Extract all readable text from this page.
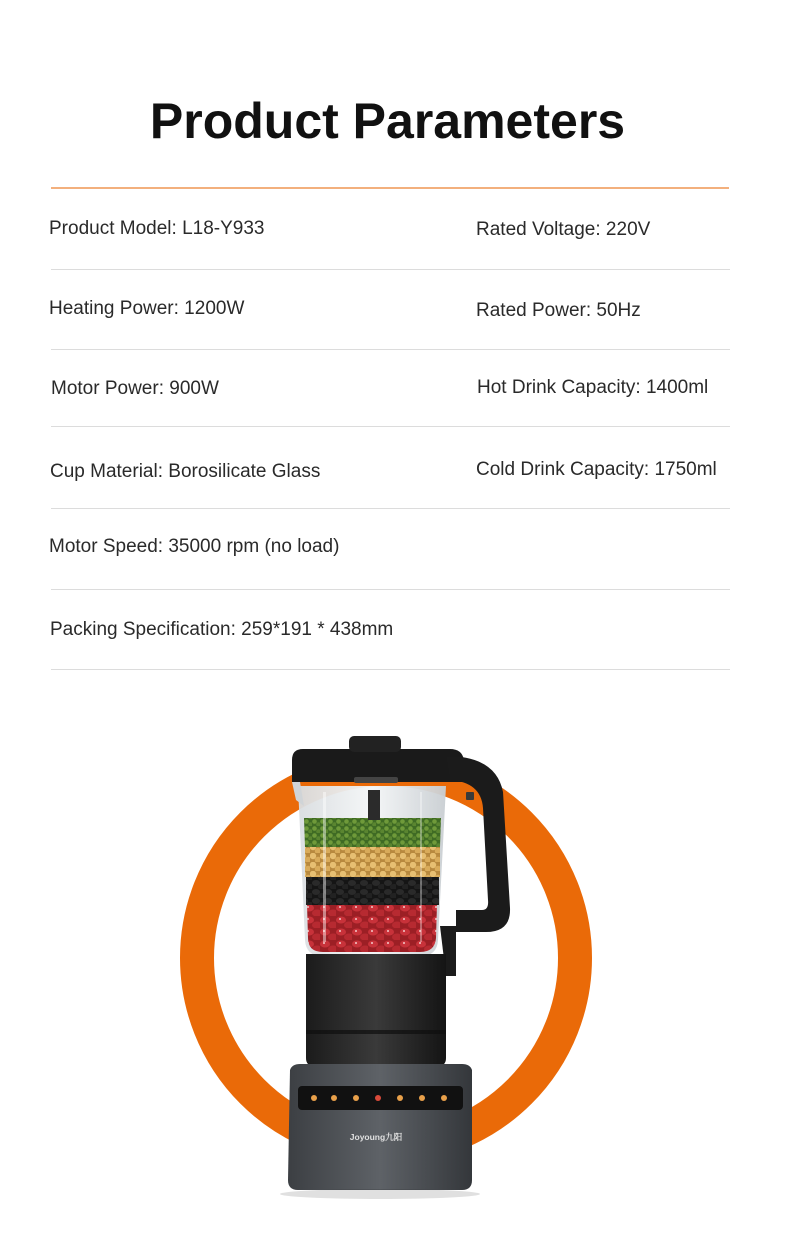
Product Parameters
Product Model: L18-Y933	Rated Voltage: 220V
Heating Power: 1200W	Rated Power: 50Hz
Motor Power: 900W	Hot Drink Capacity: 1400ml
Cup Material: Borosilicate Glass	Cold Drink Capacity: 1750ml
Motor Speed: 35000 rpm (no load)
Packing Specification: 259*191 * 438mm
Joyoung九阳
